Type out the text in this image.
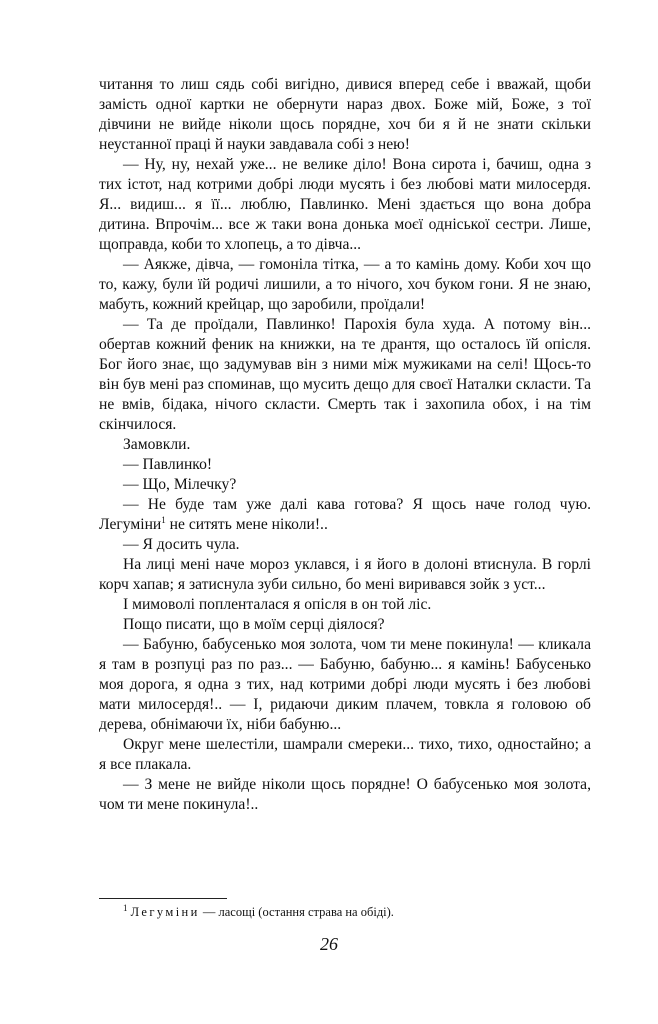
читання то лиш сядь собі вигідно, дивися вперед себе і вважай, щоби замість одної картки не обернути нараз двох. Боже мій, Боже, з тої дівчини не вийде ніколи щось порядне, хоч би я й не знати скільки неустанної праці й науки завдавала собі з нею!

— Ну, ну, нехай уже... не велике діло! Вона сирота і, бачиш, одна з тих істот, над котрими добрі люди мусять і без любові мати милосердя. Я... видиш... я її... люблю, Павлинко. Мені здається що вона добра дитина. Впрочім... все ж таки вона донька моєї однiської сестри. Лише, щоправда, коби то хлопець, а то дівча...

— Аякже, дівча, — гомоніла тітка, — а то камінь дому. Коби хоч що то, кажу, були їй родичі лишили, а то нічого, хоч буком гони. Я не знаю, мабуть, кожний крейцар, що заробили, проїдали!

— Та де проїдали, Павлинко! Парохія була худа. А потому він... обертав кожний феник на книжки, на те дрантя, що осталось їй опісля. Бог його знає, що задумував він з ними між мужиками на селі! Щось-то він був мені раз споминав, що мусить дещо для своєї Наталки скласти. Та не вмів, бідака, нічого скласти. Смерть так і захопила обох, і на тім скінчилося.

Замовкли.

— Павлинко!

— Що, Мілечку?

— Не буде там уже далі кава готова? Я щось наче голод чую. Легуміни$^1$ не ситять мене ніколи!..

— Я досить чула.

На лиці мені наче мороз уклався, і я його в долоні втиснула. В горлі корч хапав; я затиснула зуби сильно, бо мені виривався зойк з уст...

І мимоволі попленталася я опісля в он той ліс.

Пощо писати, що в моїм серці діялося?

— Бабуню, бабусенько моя золота, чом ти мене покинула! — кликала я там в розпуці раз по раз... — Бабуню, бабуню... я камінь! Бабусенько моя дорога, я одна з тих, над котрими добрі люди мусять і без любові мати милосердя!.. — І, ридаючи диким плачем, товкла я головою об дерева, обнімаючи їх, ніби бабуню...

Округ мене шелестіли, шамрали смереки... тихо, тихо, одностайно; а я все плакала.

— З мене не вийде ніколи щось порядне! О бабусенько моя золота, чом ти мене покинула!..

$^1$ Легуміни — ласощі (остання страва на обіді).
26
